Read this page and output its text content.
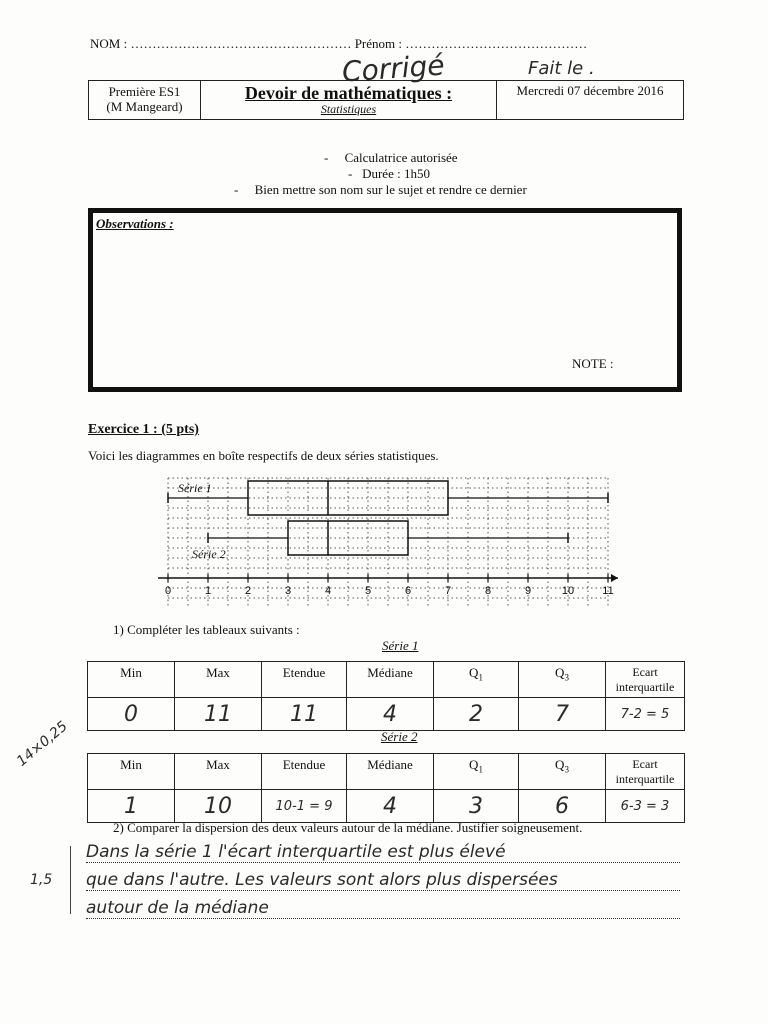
NOM : …………………………………………… Prénom : ……………………………………
Corrigé	Fait le .
Première ES1
(M Mangeard)
Devoir de mathématiques :
Statistiques
Mercredi 07 décembre 2016
- Calculatrice autorisée
- Durée : 1h50
- Bien mettre son nom sur le sujet et rendre ce dernier
Observations :
NOTE :
Exercice 1 : (5 pts)
Voici les diagrammes en boîte respectifs de deux séries statistiques.
0	1	2	3	4	5	6	7	8	9	10	11
Série 1
Série 2
1) Compléter les tableaux suivants :
Série 1
Min	Max	Etendue	Médiane	$Q_1$	$Q_3$	Ecart interquartile
0	11	11	4	2	7	7-2 = 5
Série 2
Min	Max	Etendue	Médiane	$Q_1$	$Q_3$	Ecart interquartile
1	10	10-1 = 9	4	3	6	6-3 = 3
2) Comparer la dispersion des deux valeurs autour de la médiane. Justifier soigneusement.
Dans la série 1 l'écart interquartile est plus élevé
que dans l'autre. Les valeurs sont alors plus dispersées
autour de la médiane
14×0,25
1,5
